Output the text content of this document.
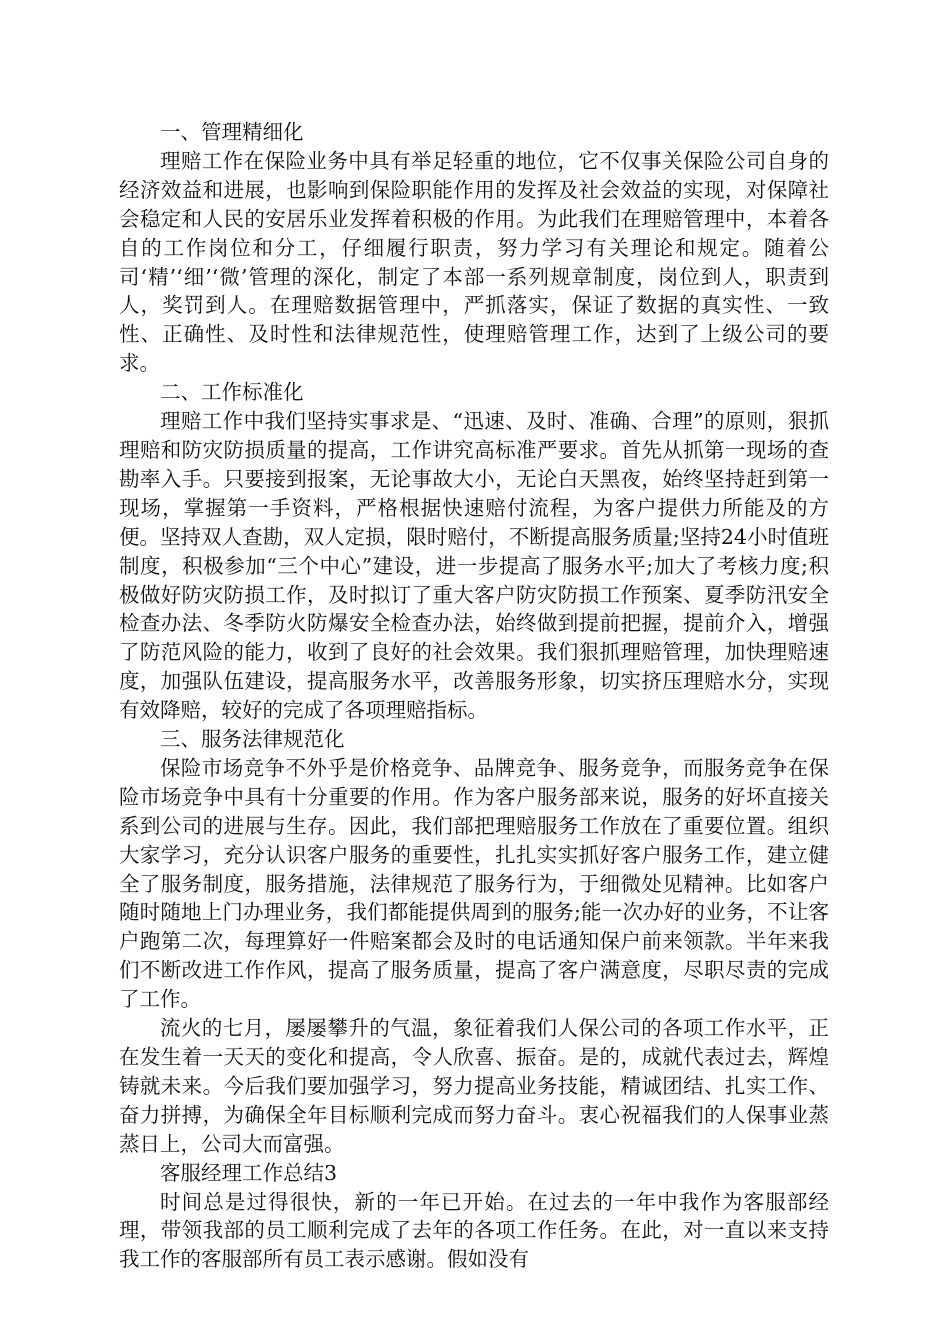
一、管理精细化

理赔工作在保险业务中具有举足轻重的地位，它不仅事关保险公司自身的经济效益和进展，也影响到保险职能作用的发挥及社会效益的实现，对保障社会稳定和人民的安居乐业发挥着积极的作用。为此我们在理赔管理中，本着各自的工作岗位和分工，仔细履行职责，努力学习有关理论和规定。随着公司‘精’‘细’‘微’管理的深化，制定了本部一系列规章制度，岗位到人，职责到人，奖罚到人。在理赔数据管理中，严抓落实，保证了数据的真实性、一致性、正确性、及时性和法律规范性，使理赔管理工作，达到了上级公司的要求。

二、工作标准化

理赔工作中我们坚持实事求是、“迅速、及时、准确、合理”的原则，狠抓理赔和防灾防损质量的提高，工作讲究高标准严要求。首先从抓第一现场的查勘率入手。只要接到报案，无论事故大小，无论白天黑夜，始终坚持赶到第一现场，掌握第一手资料，严格根据快速赔付流程，为客户提供力所能及的方便。坚持双人查勘，双人定损，限时赔付，不断提高服务质量;坚持24小时值班制度，积极参加“三个中心”建设，进一步提高了服务水平;加大了考核力度;积极做好防灾防损工作，及时拟订了重大客户防灾防损工作预案、夏季防汛安全检查办法、冬季防火防爆安全检查办法，始终做到提前把握，提前介入，增强了防范风险的能力，收到了良好的社会效果。我们狠抓理赔管理，加快理赔速度，加强队伍建设，提高服务水平，改善服务形象，切实挤压理赔水分，实现有效降赔，较好的完成了各项理赔指标。

三、服务法律规范化

保险市场竞争不外乎是价格竞争、品牌竞争、服务竞争，而服务竞争在保险市场竞争中具有十分重要的作用。作为客户服务部来说，服务的好坏直接关系到公司的进展与生存。因此，我们部把理赔服务工作放在了重要位置。组织大家学习，充分认识客户服务的重要性，扎扎实实抓好客户服务工作，建立健全了服务制度，服务措施，法律规范了服务行为，于细微处见精神。比如客户随时随地上门办理业务，我们都能提供周到的服务;能一次办好的业务，不让客户跑第二次，每理算好一件赔案都会及时的电话通知保户前来领款。半年来我们不断改进工作作风，提高了服务质量，提高了客户满意度，尽职尽责的完成了工作。

流火的七月，屡屡攀升的气温，象征着我们人保公司的各项工作水平，正在发生着一天天的变化和提高，令人欣喜、振奋。是的，成就代表过去，辉煌铸就未来。今后我们要加强学习，努力提高业务技能，精诚团结、扎实工作、奋力拼搏，为确保全年目标顺利完成而努力奋斗。衷心祝福我们的人保事业蒸蒸日上，公司大而富强。

客服经理工作总结3

时间总是过得很快，新的一年已开始。在过去的一年中我作为客服部经理，带领我部的员工顺利完成了去年的各项工作任务。在此，对一直以来支持我工作的客服部所有员工表示感谢。假如没有
